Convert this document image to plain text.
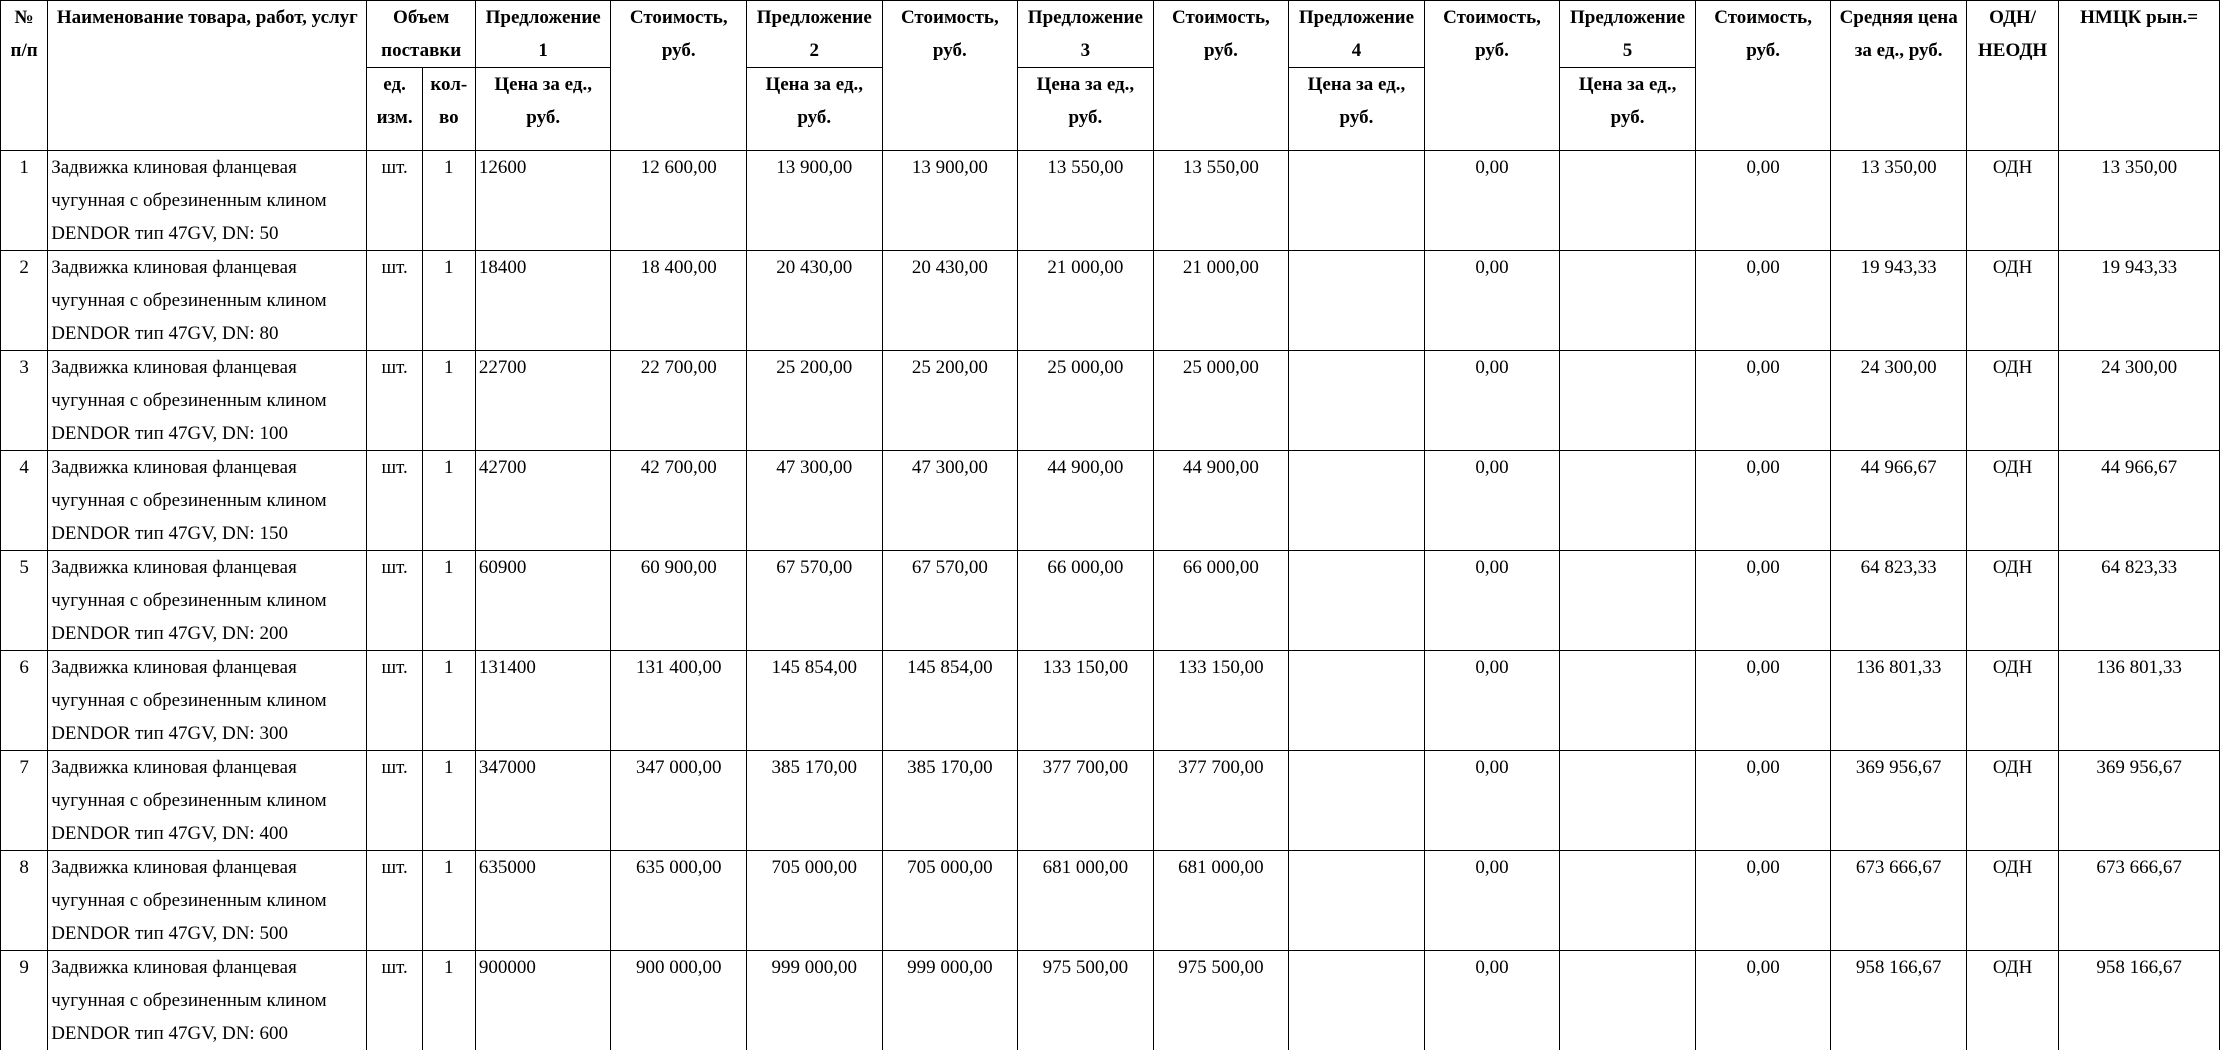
№
п/п	Наименование товара, работ, услуг	Объем поставки		Предложение 1	Стоимость, руб.	Предложение 2	Стоимость, руб.	Предложение 3	Стоимость, руб.	Предложение 4	Стоимость, руб.	Предложение 5	Стоимость, руб.	Средняя цена за ед., руб.	ОДН/ НЕОДН	НМЦК рын.=
		ед. изм.	кол-во	Цена за ед., руб.		Цена за ед., руб.		Цена за ед., руб.		Цена за ед., руб.		Цена за ед., руб.				
1	Задвижка клиновая фланцевая чугунная с обрезиненным клином DENDOR тип 47GV, DN: 50	шт.	1	12600	12 600,00	13 900,00	13 900,00	13 550,00	13 550,00		0,00		0,00	13 350,00	ОДН	13 350,00
2	Задвижка клиновая фланцевая чугунная с обрезиненным клином DENDOR тип 47GV, DN: 80	шт.	1	18400	18 400,00	20 430,00	20 430,00	21 000,00	21 000,00		0,00		0,00	19 943,33	ОДН	19 943,33
3	Задвижка клиновая фланцевая чугунная с обрезиненным клином DENDOR тип 47GV, DN: 100	шт.	1	22700	22 700,00	25 200,00	25 200,00	25 000,00	25 000,00		0,00		0,00	24 300,00	ОДН	24 300,00
4	Задвижка клиновая фланцевая чугунная с обрезиненным клином DENDOR тип 47GV, DN: 150	шт.	1	42700	42 700,00	47 300,00	47 300,00	44 900,00	44 900,00		0,00		0,00	44 966,67	ОДН	44 966,67
5	Задвижка клиновая фланцевая чугунная с обрезиненным клином DENDOR тип 47GV, DN: 200	шт.	1	60900	60 900,00	67 570,00	67 570,00	66 000,00	66 000,00		0,00		0,00	64 823,33	ОДН	64 823,33
6	Задвижка клиновая фланцевая чугунная с обрезиненным клином DENDOR тип 47GV, DN: 300	шт.	1	131400	131 400,00	145 854,00	145 854,00	133 150,00	133 150,00		0,00		0,00	136 801,33	ОДН	136 801,33
7	Задвижка клиновая фланцевая чугунная с обрезиненным клином DENDOR тип 47GV, DN: 400	шт.	1	347000	347 000,00	385 170,00	385 170,00	377 700,00	377 700,00		0,00		0,00	369 956,67	ОДН	369 956,67
8	Задвижка клиновая фланцевая чугунная с обрезиненным клином DENDOR тип 47GV, DN: 500	шт.	1	635000	635 000,00	705 000,00	705 000,00	681 000,00	681 000,00		0,00		0,00	673 666,67	ОДН	673 666,67
9	Задвижка клиновая фланцевая чугунная с обрезиненным клином DENDOR тип 47GV, DN: 600	шт.	1	900000	900 000,00	999 000,00	999 000,00	975 500,00	975 500,00		0,00		0,00	958 166,67	ОДН	958 166,67
